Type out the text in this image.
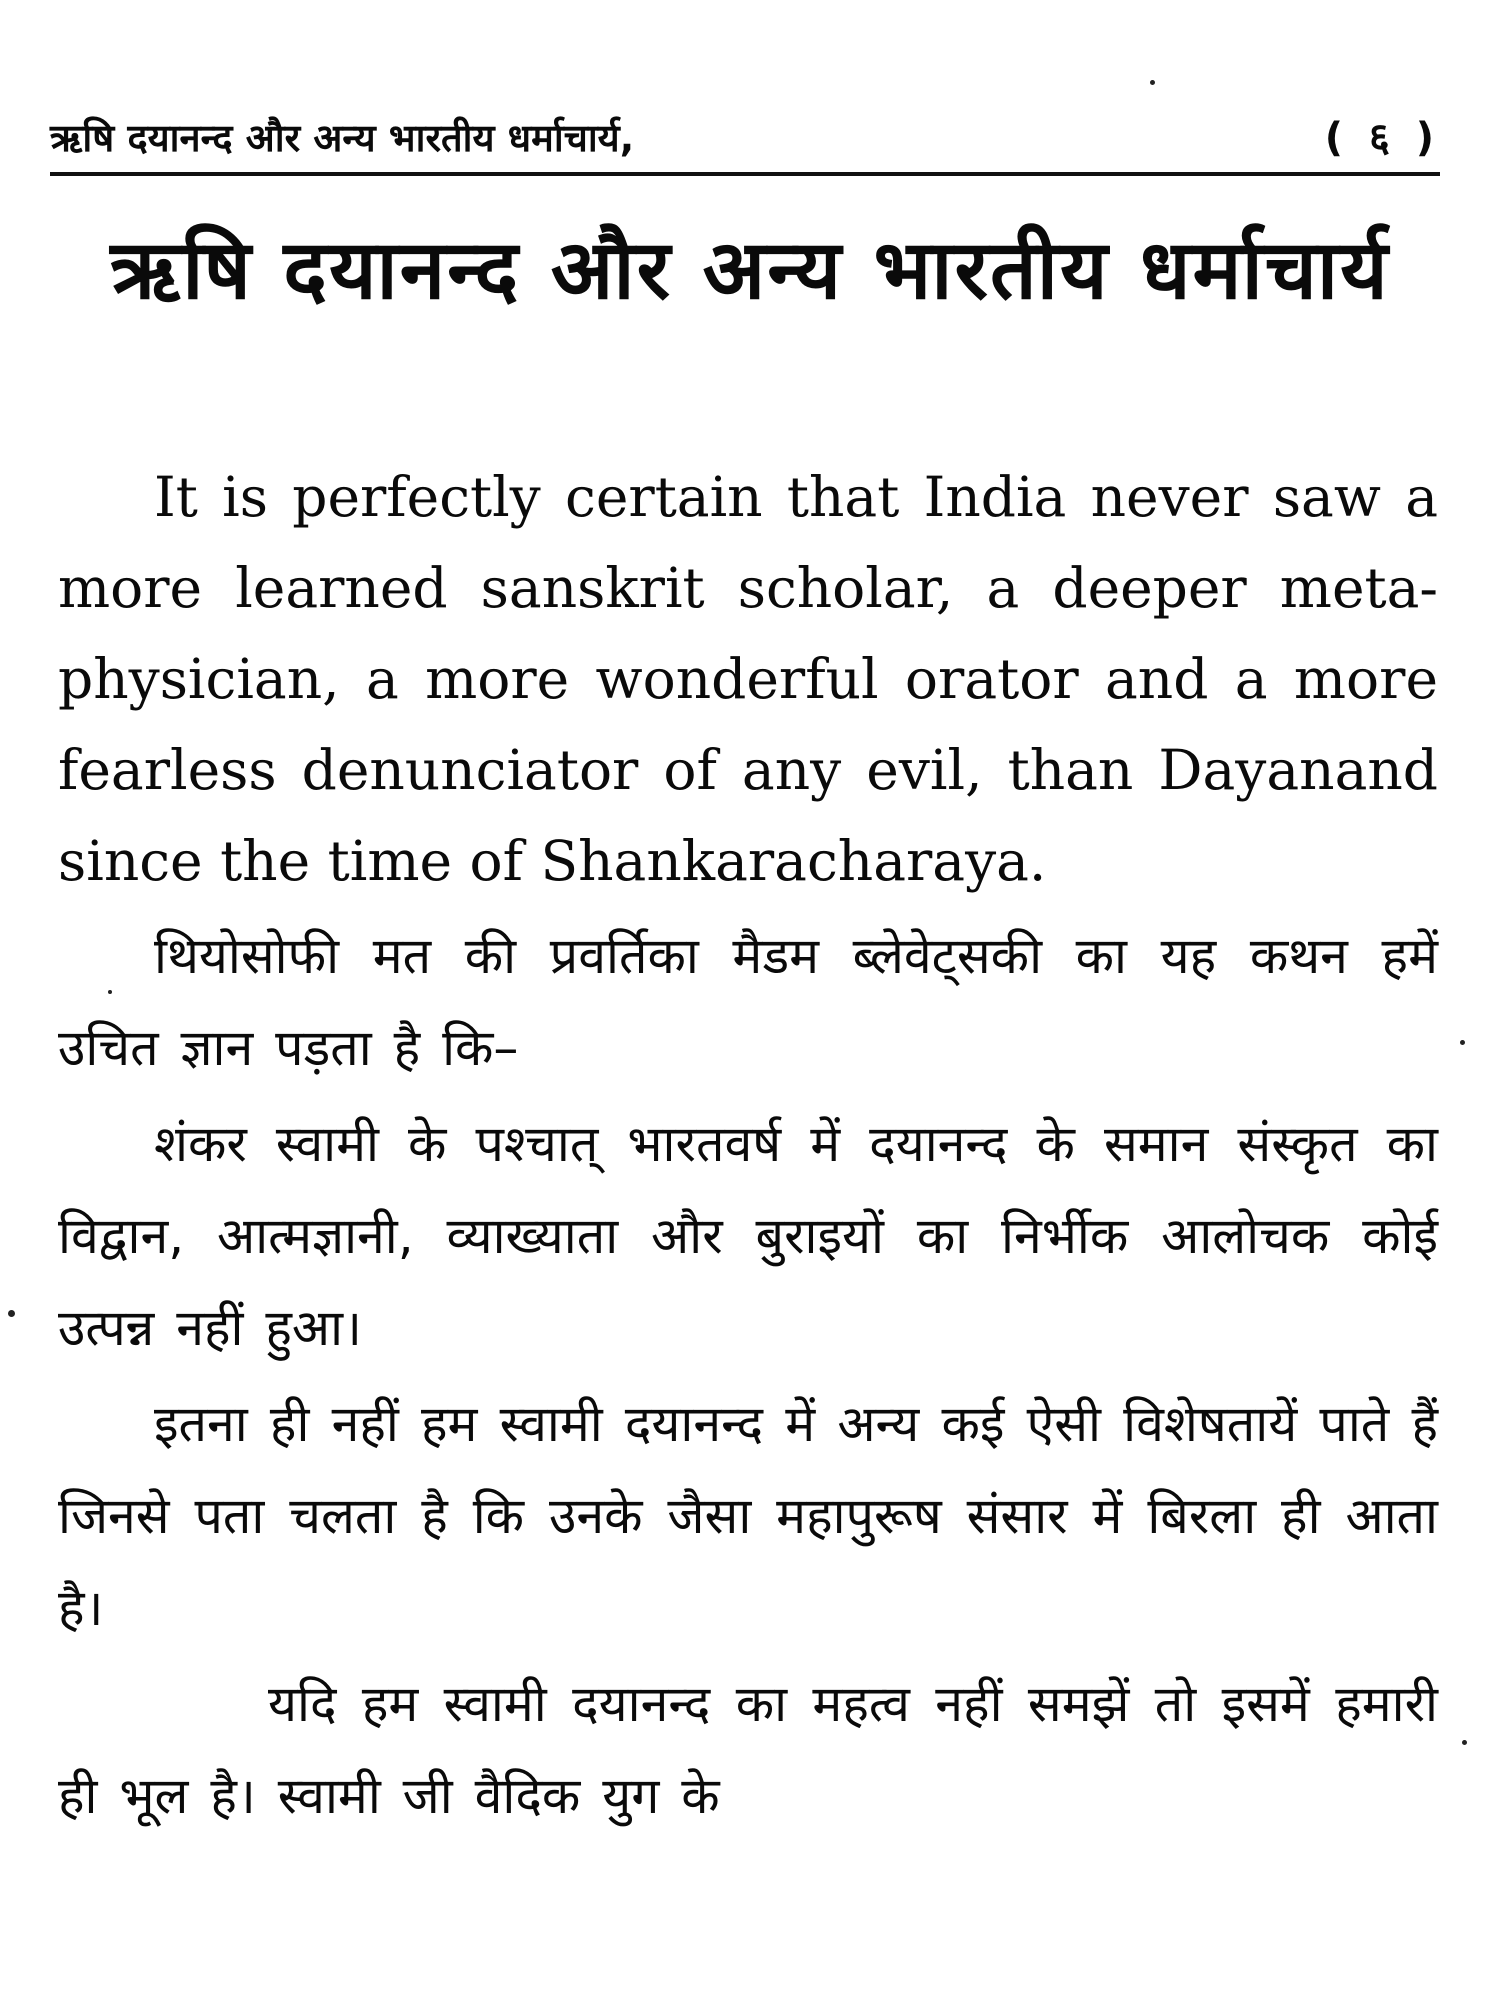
ऋषि दयानन्द और अन्य भारतीय धर्माचार्य,	( ६ )
ऋषि दयानन्द और अन्य भारतीय धर्माचार्य

It is perfectly certain that India never saw a more learned sanskrit scholar, a deeper meta-physician, a more wonderful orator and a more fearless denunciator of any evil, than Dayanand since the time of Shankaracharaya.

थियोसोफी मत की प्रवर्तिका मैडम ब्लेवेट्सकी का यह कथन हमें उचित ज्ञान पड़ता है कि–

शंकर स्वामी के पश्चात् भारतवर्ष में दयानन्द के समान संस्कृत का विद्वान, आत्मज्ञानी, व्याख्याता और बुराइयों का निर्भीक आलोचक कोई उत्पन्न नहीं हुआ।

इतना ही नहीं हम स्वामी दयानन्द में अन्य कई ऐसी विशेषतायें पाते हैं जिनसे पता चलता है कि उनके जैसा महापुरूष संसार में बिरला ही आता है।

यदि हम स्वामी दयानन्द का महत्व नहीं समझें तो इसमें हमारी ही भूल है। स्वामी जी वैदिक युग के
